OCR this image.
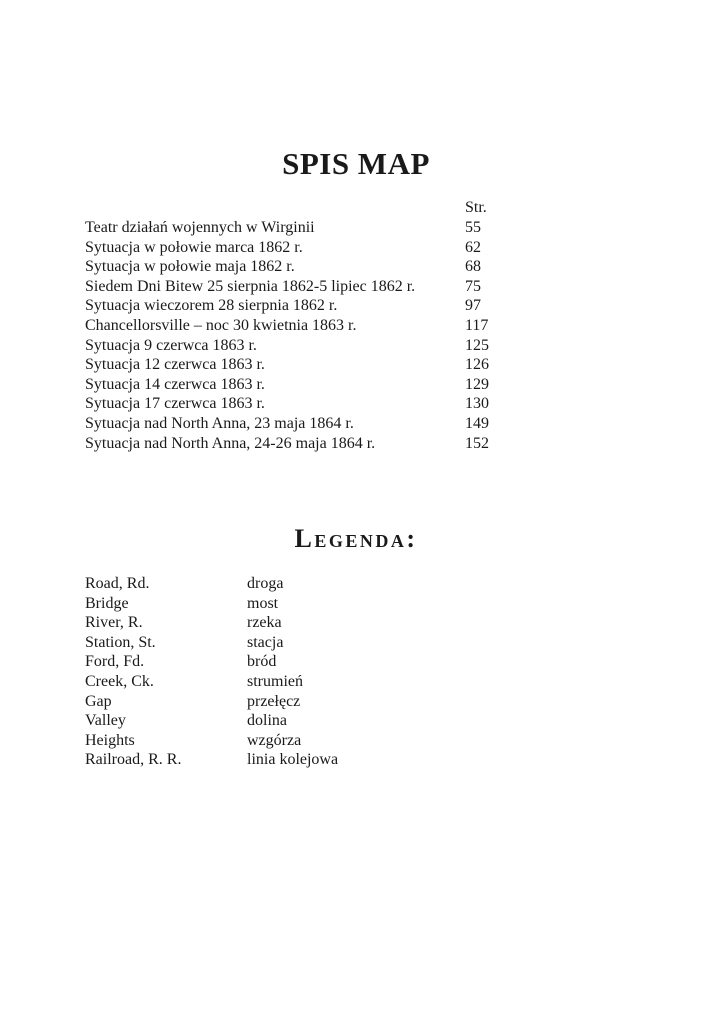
SPIS MAP
Str.
Teatr działań wojennych w Wirginii	55
Sytuacja w połowie marca 1862 r.	62
Sytuacja w połowie maja 1862 r.	68
Siedem Dni Bitew 25 sierpnia 1862-5 lipiec 1862 r.	75
Sytuacja wieczorem 28 sierpnia 1862 r.	97
Chancellorsville – noc 30 kwietnia 1863 r.	117
Sytuacja 9 czerwca 1863 r.	125
Sytuacja 12 czerwca 1863 r.	126
Sytuacja 14 czerwca 1863 r.	129
Sytuacja 17 czerwca 1863 r.	130
Sytuacja nad North Anna, 23 maja 1864 r.	149
Sytuacja nad North Anna, 24-26 maja 1864 r.	152
Legenda:
Road, Rd.	droga
Bridge	most
River, R.	rzeka
Station, St.	stacja
Ford, Fd.	bród
Creek, Ck.	strumień
Gap	przełęcz
Valley	dolina
Heights	wzgórza
Railroad, R. R.	linia kolejowa
